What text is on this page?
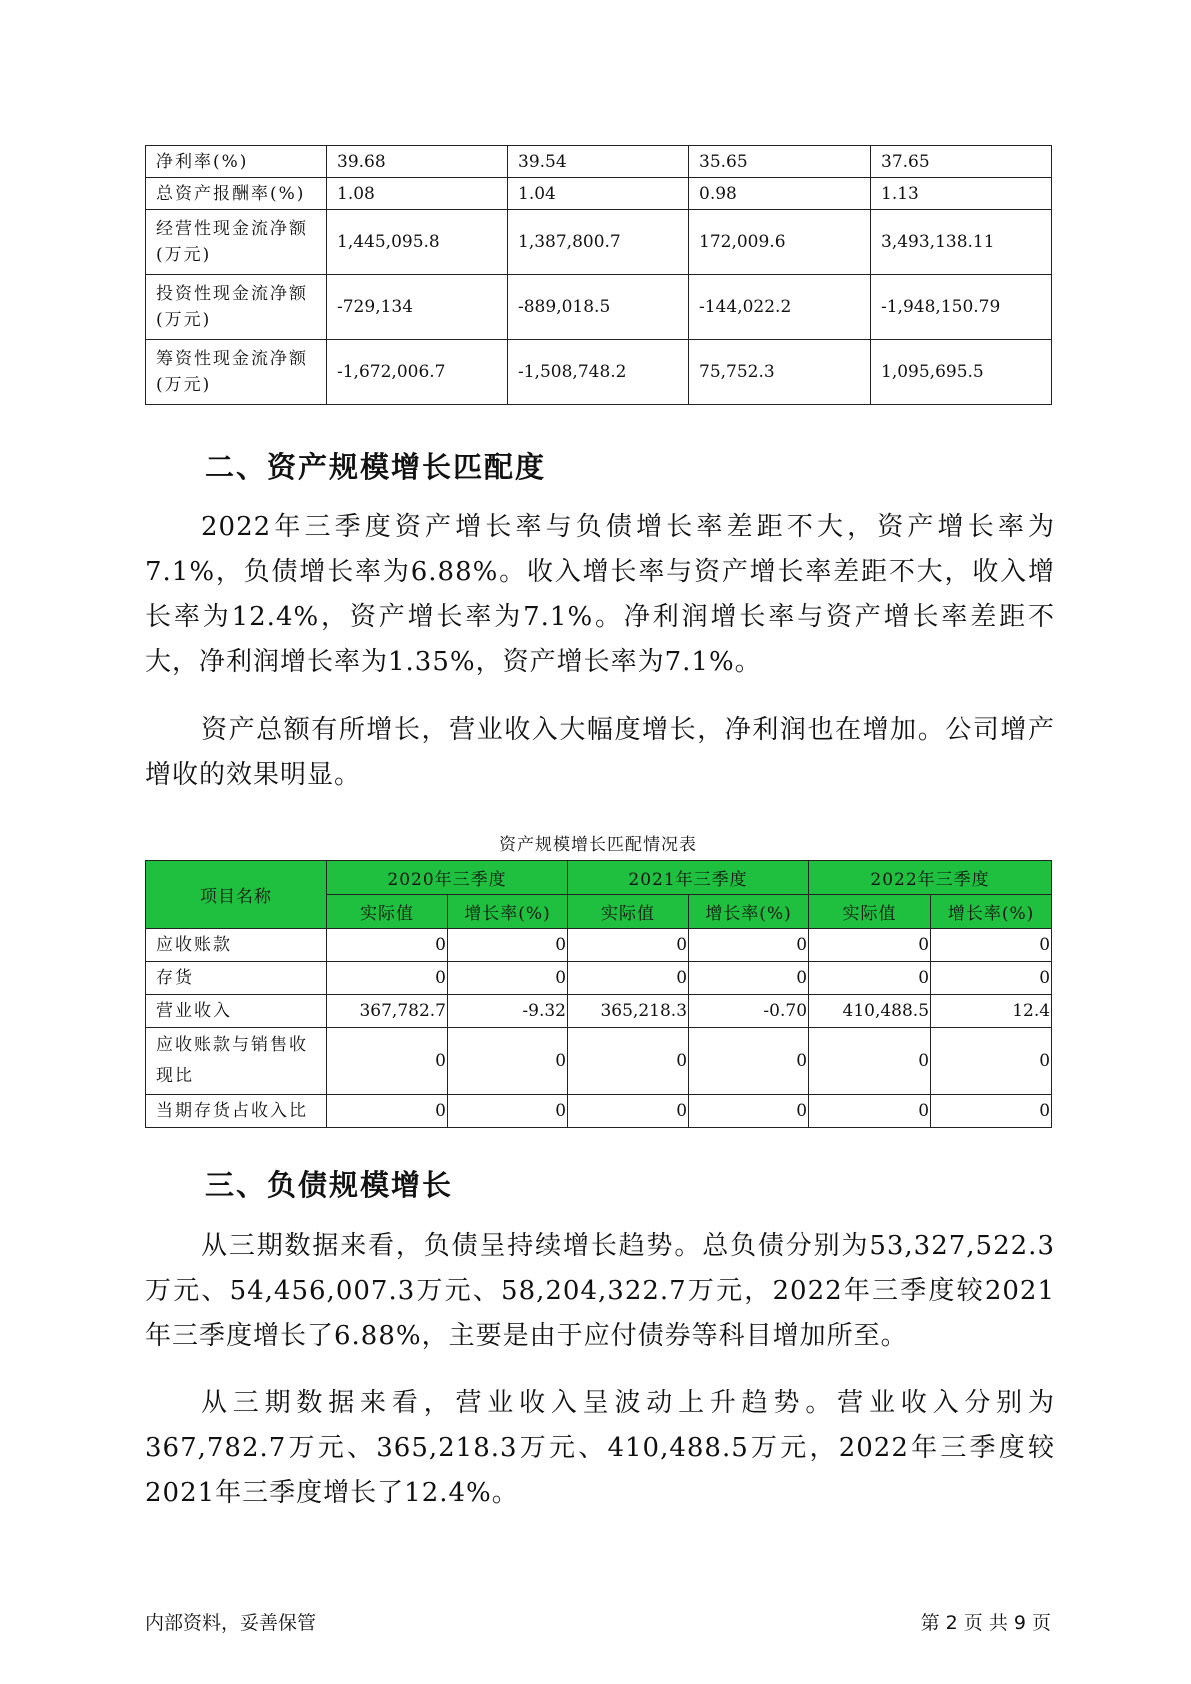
净利率(%)	39.68	39.54	35.65	37.65
总资产报酬率(%)	1.08	1.04	0.98	1.13
经营性现金流净额(万元)	1,445,095.8	1,387,800.7	172,009.6	3,493,138.11
投资性现金流净额(万元)	-729,134	-889,018.5	-144,022.2	-1,948,150.79
筹资性现金流净额(万元)	-1,672,006.7	-1,508,748.2	75,752.3	1,095,695.5
二、资产规模增长匹配度

2022年三季度资产增长率与负债增长率差距不大，资产增长率为7.1%，负债增长率为6.88%。收入增长率与资产增长率差距不大，收入增长率为12.4%，资产增长率为7.1%。净利润增长率与资产增长率差距不大，净利润增长率为1.35%，资产增长率为7.1%。

资产总额有所增长，营业收入大幅度增长，净利润也在增加。公司增产增收的效果明显。

资产规模增长匹配情况表
项目名称	2020年三季度		2021年三季度		2022年三季度	
	实际值	增长率(%)	实际值	增长率(%)	实际值	增长率(%)
应收账款	0	0	0	0	0	0
存货	0	0	0	0	0	0
营业收入	367,782.7	-9.32	365,218.3	-0.70	410,488.5	12.4
应收账款与销售收现比	0	0	0	0	0	0
当期存货占收入比	0	0	0	0	0	0
三、负债规模增长

从三期数据来看，负债呈持续增长趋势。总负债分别为53,327,522.3万元、54,456,007.3万元、58,204,322.7万元，2022年三季度较2021年三季度增长了6.88%，主要是由于应付债券等科目增加所至。

从三期数据来看，营业收入呈波动上升趋势。营业收入分别为367,782.7万元、365,218.3万元、410,488.5万元，2022年三季度较2021年三季度增长了12.4%。

内部资料，妥善保管	第 2 页 共 9 页
